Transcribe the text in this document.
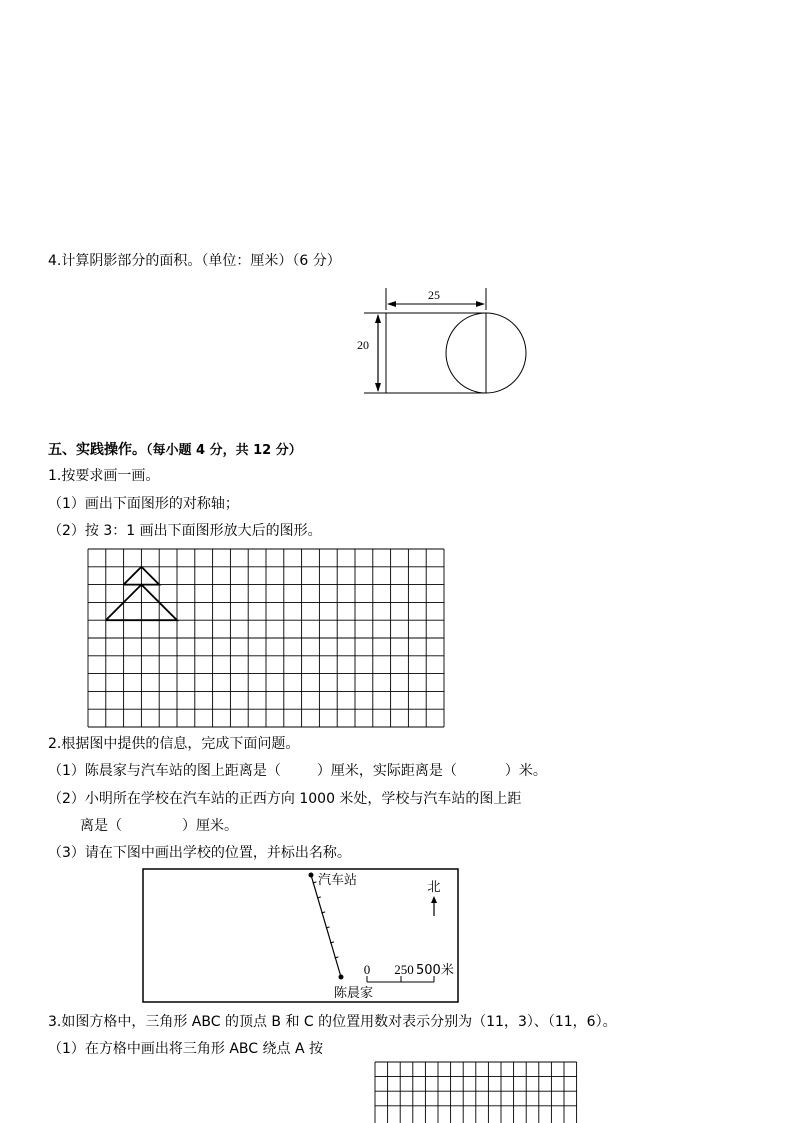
4.计算阴影部分的面积。（单位：厘米）（6 分）
25
20
五、实践操作。（每小题 4 分，共 12 分）
1.按要求画一画。
（1）画出下面图形的对称轴；
（2）按 3：1 画出下面图形放大后的图形。
2.根据图中提供的信息，完成下面问题。
（1）陈晨家与汽车站的图上距离是（	）厘米，实际距离是（	）米。
（2）小明所在学校在汽车站的正西方向 1000 米处，学校与汽车站的图上距
离是（	）厘米。
（3）请在下图中画出学校的位置，并标出名称。
汽车站
陈晨家
北
0 250 500米
3.如图方格中，三角形 ABC 的顶点 B 和 C 的位置用数对表示分别为（11，3）、（11，6）。
（1）在方格中画出将三角形 ABC 绕点 A 按
